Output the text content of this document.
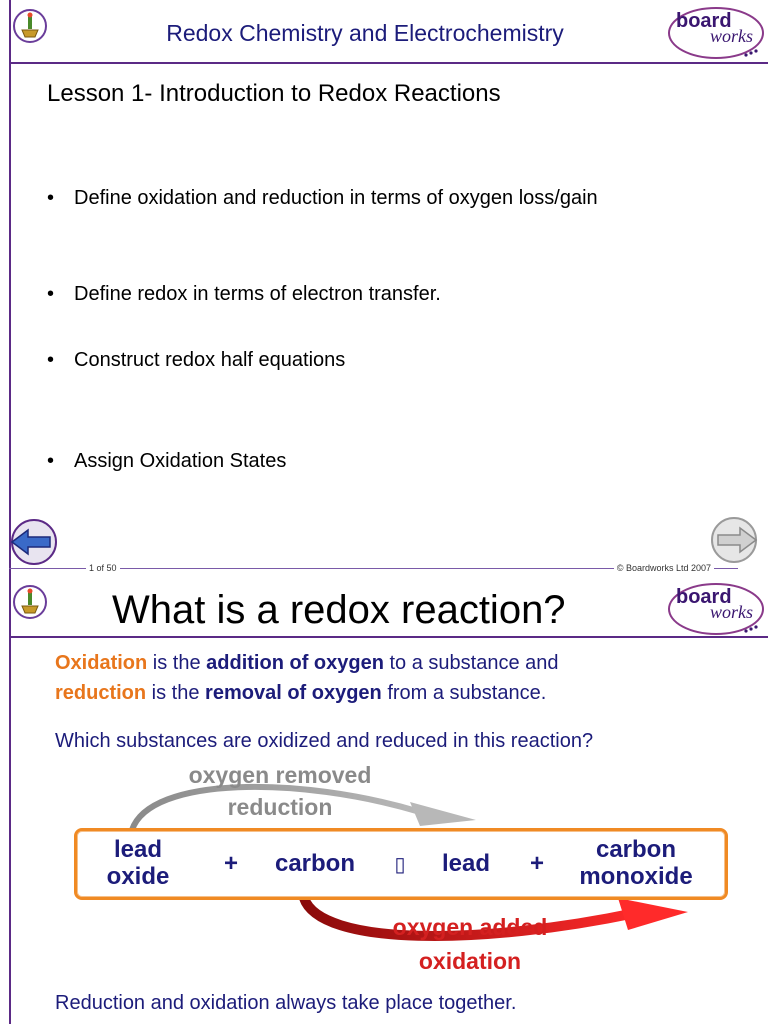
Redox Chemistry and Electrochemistry	board
works
Lesson 1- Introduction to Redox Reactions
• Define oxidation and reduction in terms of oxygen loss/gain
• Define redox in terms of electron transfer.
• Construct redox half equations
• Assign Oxidation States
1 of 50	© Boardworks Ltd 2007
What is a redox reaction?	board
works
Oxidation is the addition of oxygen to a substance and
reduction is the removal of oxygen from a substance.
Which substances are oxidized and reduced in this reaction?
oxygen removed
reduction
lead
oxide	+	carbon	▯	lead	+
carbon
monoxide
oxygen added
oxidation
Reduction and oxidation always take place together.
